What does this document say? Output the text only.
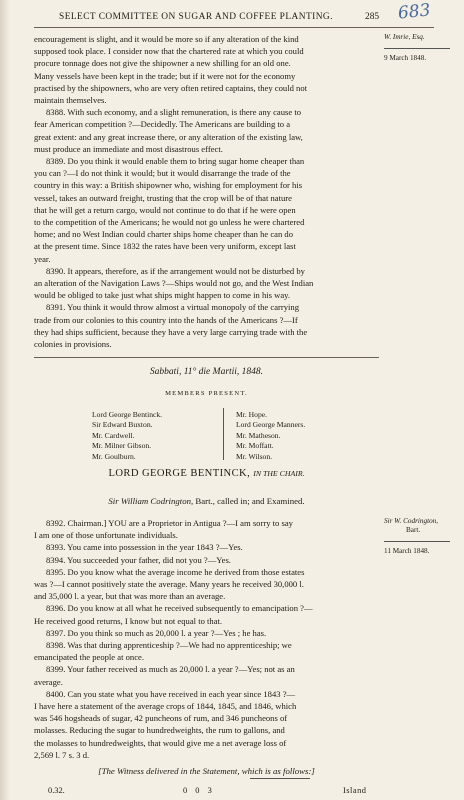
SELECT COMMITTEE ON SUGAR AND COFFEE PLANTING.	285 683
W. Imrie, Esq.
9 March 1848.

encouragement is slight, and it would be more so if any alteration of the kind

supposed took place. I consider now that the chartered rate at which you could

procure tonnage does not give the shipowner a new shilling for an old one.

Many vessels have been kept in the trade; but if it were not for the economy

practised by the shipowners, who are very often retired captains, they could not

maintain themselves.

8388. With such economy, and a slight remuneration, is there any cause to

fear American competition ?—Decidedly. The Americans are building to a

great extent: and any great increase there, or any alteration of the existing law,

must produce an immediate and most disastrous effect.

8389. Do you think it would enable them to bring sugar home cheaper than

you can ?—I do not think it would; but it would disarrange the trade of the

country in this way: a British shipowner who, wishing for employment for his

vessel, takes an outward freight, trusting that the crop will be of that nature

that he will get a return cargo, would not continue to do that if he were open

to the competition of the Americans; he would not go unless he were chartered

home; and no West Indian could charter ships home cheaper than he can do

at the present time. Since 1832 the rates have been very uniform, except last

year.

8390. It appears, therefore, as if the arrangement would not be disturbed by

an alteration of the Navigation Laws ?—Ships would not go, and the West Indian

would be obliged to take just what ships might happen to come in his way.

8391. You think it would throw almost a virtual monopoly of the carrying

trade from our colonies to this country into the hands of the Americans ?—If

they had ships sufficient, because they have a very large carrying trade with the

colonies in provisions.

Sabbati, 11° die Martii, 1848.
MEMBERS PRESENT.
Lord George Bentinck.
Sir Edward Buxton.
Mr. Cardwell.
Mr. Milner Gibson.
Mr. Goulburn.
Mr. Hope.
Lord George Manners.
Mr. Matheson.
Mr. Moffatt.
Mr. Wilson.
LORD GEORGE BENTINCK, IN THE CHAIR.
Sir William Codrington, Bart., called in; and Examined.
Sir W. Codrington,
Bart.
11 March 1848.

8392. Chairman.] YOU are a Proprietor in Antigua ?—I am sorry to say

I am one of those unfortunate individuals.

8393. You came into possession in the year 1843 ?—Yes.

8394. You succeeded your father, did not you ?—Yes.

8395. Do you know what the average income he derived from those estates

was ?—I cannot positively state the average. Many years he received 30,000 l.

and 35,000 l. a year, but that was more than an average.

8396. Do you know at all what he received subsequently to emancipation ?—

He received good returns, I know but not equal to that.

8397. Do you think so much as 20,000 l. a year ?—Yes ; he has.

8398. Was that during apprenticeship ?—We had no apprenticeship; we

emancipated the people at once.

8399. Your father received as much as 20,000 l. a year ?—Yes; not as an

average.

8400. Can you state what you have received in each year since 1843 ?—

I have here a statement of the average crops of 1844, 1845, and 1846, which

was 546 hogsheads of sugar, 42 puncheons of rum, and 346 puncheons of

molasses. Reducing the sugar to hundredweights, the rum to gallons, and

the molasses to hundredweights, that would give me a net average loss of

2,569 l. 7 s. 3 d.

[The Witness delivered in the Statement, which is as follows:]
0.32.	0 0 3	Island
